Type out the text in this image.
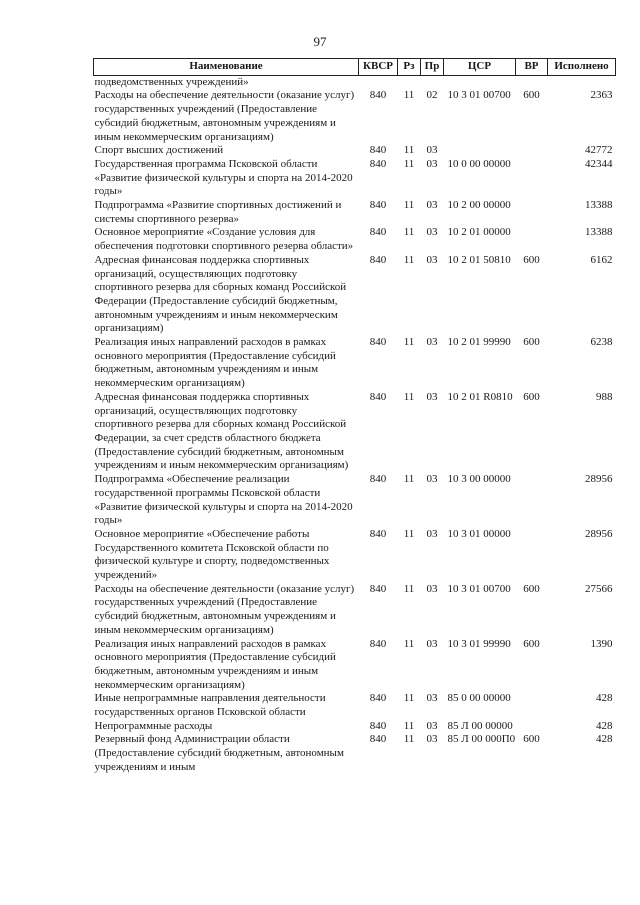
97
Наименование	КВСР	Рз	Пр	ЦСР	ВР	Исполнено
подведомственных учреждений»						
Расходы на обеспечение деятельности (оказание услуг) государственных учреждений (Предоставление субсидий бюджетным, автономным учреждениям и иным некоммерческим организациям)	840	11	02	10 3 01 00700	600	2363
Спорт высших достижений	840	11	03			42772
Государственная программа Псковской области «Развитие физической культуры и спорта на 2014-2020 годы»	840	11	03	10 0 00 00000		42344
Подпрограмма «Развитие спортивных достижений и системы спортивного резерва»	840	11	03	10 2 00 00000		13388
Основное мероприятие «Создание условия для обеспечения подготовки спортивного резерва области»	840	11	03	10 2 01 00000		13388
Адресная финансовая поддержка спортивных организаций, осуществляющих подготовку спортивного резерва для сборных команд Российской Федерации (Предоставление субсидий бюджетным, автономным учреждениям и иным некоммерческим организациям)	840	11	03	10 2 01 50810	600	6162
Реализация иных направлений расходов в рамках основного мероприятия (Предоставление субсидий бюджетным, автономным учреждениям и иным некоммерческим организациям)	840	11	03	10 2 01 99990	600	6238
Адресная финансовая поддержка спортивных организаций, осуществляющих подготовку спортивного резерва для сборных команд Российской Федерации, за счет средств областного бюджета (Предоставление субсидий бюджетным, автономным учреждениям и иным некоммерческим организациям)	840	11	03	10 2 01 R0810	600	988
Подпрограмма «Обеспечение реализации государственной программы Псковской области «Развитие физической культуры и спорта на 2014-2020 годы»	840	11	03	10 3 00 00000		28956
Основное мероприятие «Обеспечение работы Государственного комитета Псковской области по физической культуре и спорту, подведомственных учреждений»	840	11	03	10 3 01 00000		28956
Расходы на обеспечение деятельности (оказание услуг) государственных учреждений (Предоставление субсидий бюджетным, автономным учреждениям и иным некоммерческим организациям)	840	11	03	10 3 01 00700	600	27566
Реализация иных направлений расходов в рамках основного мероприятия (Предоставление субсидий бюджетным, автономным учреждениям и иным некоммерческим организациям)	840	11	03	10 3 01 99990	600	1390
Иные непрограммные направления деятельности государственных органов Псковской области	840	11	03	85 0 00 00000		428
Непрограммные расходы	840	11	03	85 Л 00 00000		428
Резервный фонд Администрации области (Предоставление субсидий бюджетным, автономным учреждениям и иным	840	11	03	85 Л 00 000П0	600	428
